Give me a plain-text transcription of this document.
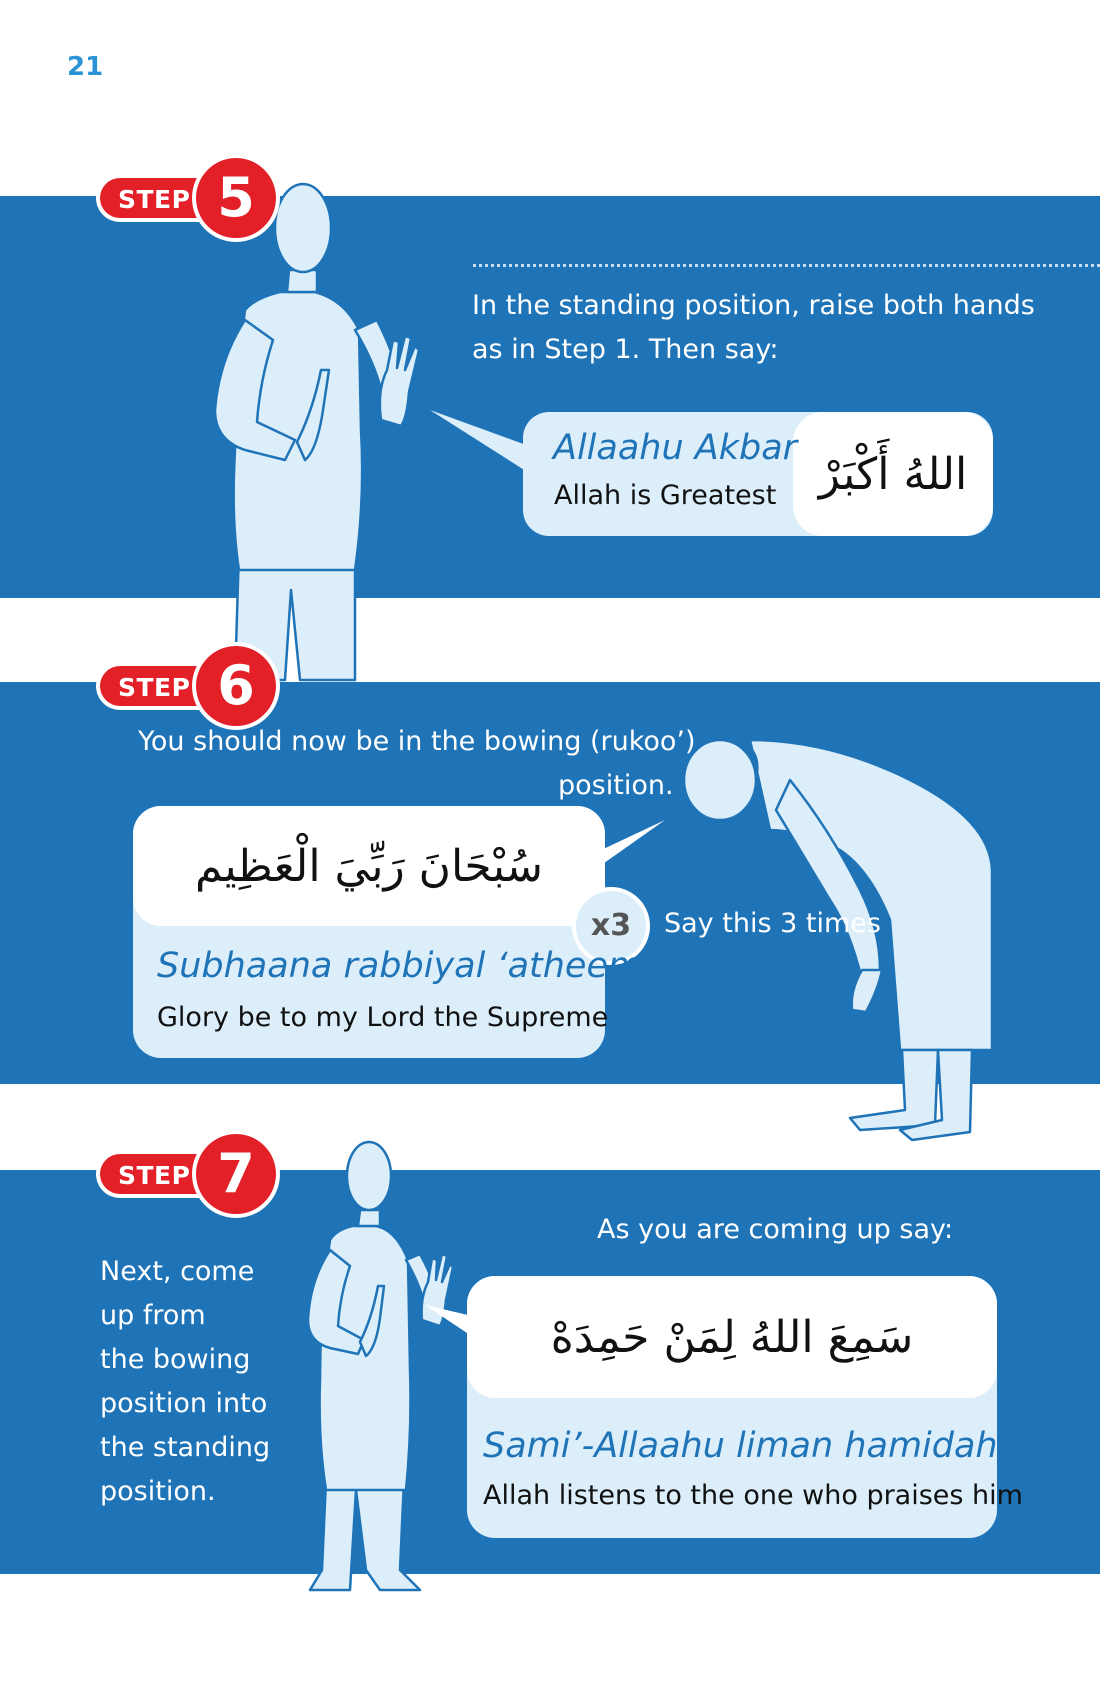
21
STEP 5
In the standing position, raise both hands
as in Step 1. Then say:
اللهُ أَكْبَرْ
Allaahu Akbar
Allah is Greatest
STEP 6
You should now be in the bowing (rukoo’)
position.
سُبْحَانَ رَبِّيَ الْعَظِيم
x3	Say this 3 times
Subhaana rabbiyal ‘atheem
Glory be to my Lord the Supreme
STEP 7
Next, come
up from
the bowing
position into
the standing
position.
As you are coming up say:
سَمِعَ اللهُ لِمَنْ حَمِدَهْ
Sami’-Allaahu liman hamidah
Allah listens to the one who praises him
